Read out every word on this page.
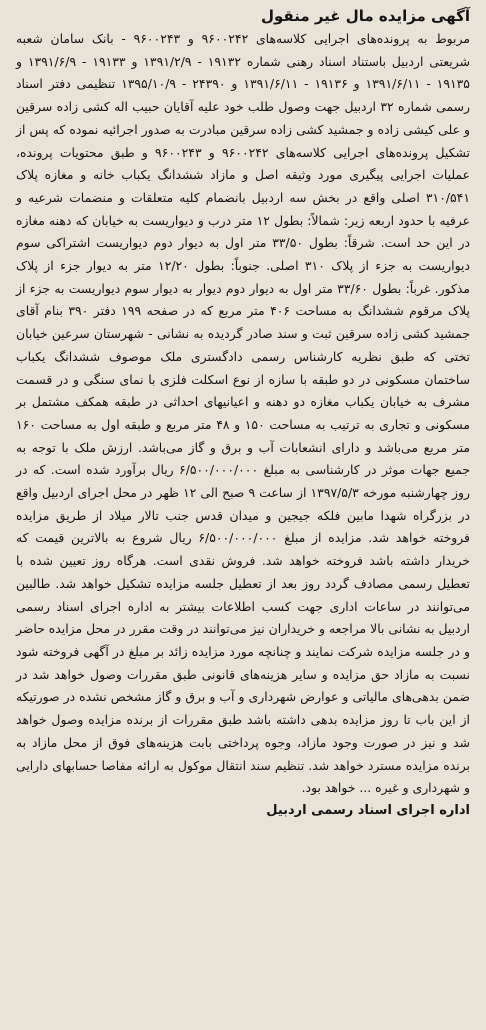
آگهی مزایده مال غیر منقول

مربوط به پرونده‌های اجرایی کلاسه‌های ۹۶۰۰۲۴۲ و ۹۶۰۰۲۴۳ - بانک سامان شعبه شریعتی اردبیل باستناد اسناد رهنی شماره ۱۹۱۳۲ - ۱۳۹۱/۲/۹ و ۱۹۱۳۳ - ۱۳۹۱/۶/۹ و ۱۹۱۳۵ - ۱۳۹۱/۶/۱۱ و ۱۹۱۳۶ - ۱۳۹۱/۶/۱۱ و ۲۴۳۹۰ - ۱۳۹۵/۱۰/۹ تنظیمی دفتر اسناد رسمی شماره ۳۲ اردبیل جهت وصول طلب خود علیه آقایان حبیب اله کشی زاده سرقین و علی کیشی زاده و جمشید کشی زاده سرقین مبادرت به صدور اجرائیه نموده که پس از تشکیل پرونده‌های اجرایی کلاسه‌های ۹۶۰۰۲۴۲ و ۹۶۰۰۲۴۳ و طبق محتویات پرونده، عملیات اجرایی پیگیری مورد وثیقه اصل و مازاد ششدانگ یکباب خانه و مغازه پلاک ۳۱۰/۵۴۱ اصلی واقع در بخش سه اردبیل بانضمام کلیه متعلقات و منضمات شرعیه و عرفیه با حدود اربعه زیر: شمالاً: بطول ۱۲ متر درب و دیواریست به خیابان که دهنه مغازه در این حد است. شرقاً: بطول ۳۳/۵۰ متر اول به دیوار دوم دیواریست اشتراکی سوم دیواریست به جزء از پلاک ۳۱۰ اصلی. جنوباً: بطول ۱۲/۲۰ متر به دیوار جزء از پلاک مذکور. غرباً: بطول ۳۳/۶۰ متر اول به دیوار دوم دیوار به دیوار سوم دیواریست به جزء از پلاک مرقوم ششدانگ به مساحت ۴۰۶ متر مربع که در صفحه ۱۹۹ دفتر ۳۹۰ بنام آقای جمشید کشی زاده سرقین ثبت و سند صادر گردیده به نشانی - شهرستان سرعین خیابان تختی که طبق نظریه کارشناس رسمی دادگستری ملک موصوف ششدانگ یکباب ساختمان مسکونی در دو طبقه با سازه از نوع اسکلت فلزی با نمای سنگی و در قسمت مشرف به خیابان یکباب مغازه دو دهنه و اعیانیهای احداثی در طبقه همکف مشتمل بر مسکونی و تجاری به ترتیب به مساحت ۱۵۰ و ۴۸ متر مربع و طبقه اول به مساحت ۱۶۰ متر مربع می‌باشد و دارای انشعابات آب و برق و گاز می‌باشد. ارزش ملک با توجه به جمیع جهات موثر در کارشناسی به مبلغ ۶/۵۰۰/۰۰۰/۰۰۰ ریال برآورد شده است. که در روز چهارشنبه مورخه ۱۳۹۷/۵/۳ از ساعت ۹ صبح الی ۱۲ ظهر در محل اجرای اردبیل واقع در بزرگراه شهدا مابین فلکه جیجین و میدان قدس جنب تالار میلاد از طریق مزایده فروخته خواهد شد. مزایده از مبلغ ۶/۵۰۰/۰۰۰/۰۰۰ ریال شروع به بالاترین قیمت که خریدار داشته باشد فروخته خواهد شد. فروش نقدی است. هرگاه روز تعیین شده با تعطیل رسمی مصادف گردد روز بعد از تعطیل جلسه مزایده تشکیل خواهد شد. طالبین می‌توانند در ساعات اداری جهت کسب اطلاعات بیشتر به اداره اجرای اسناد رسمی اردبیل به نشانی بالا مراجعه و خریداران نیز می‌توانند در وقت مقرر در محل مزایده حاضر و در جلسه مزایده شرکت نمایند و چنانچه مورد مزایده زائد بر مبلغ در آگهی فروخته شود نسبت به مازاد حق مزایده و سایر هزینه‌های قانونی طبق مقررات وصول خواهد شد در ضمن بدهی‌های مالیاتی و عوارض شهرداری و آب و برق و گاز مشخص نشده در صورتیکه از این باب تا روز مزایده بدهی داشته باشد طبق مقررات از برنده مزایده وصول خواهد شد و نیز در صورت وجود مازاد، وجوه پرداختی بابت هزینه‌های فوق از محل مازاد به برنده مزایده مسترد خواهد شد. تنظیم سند انتقال موکول به ارائه مفاصا حسابهای دارایی و شهرداری و غیره ... خواهد بود.

اداره اجرای اسناد رسمی اردبیل
